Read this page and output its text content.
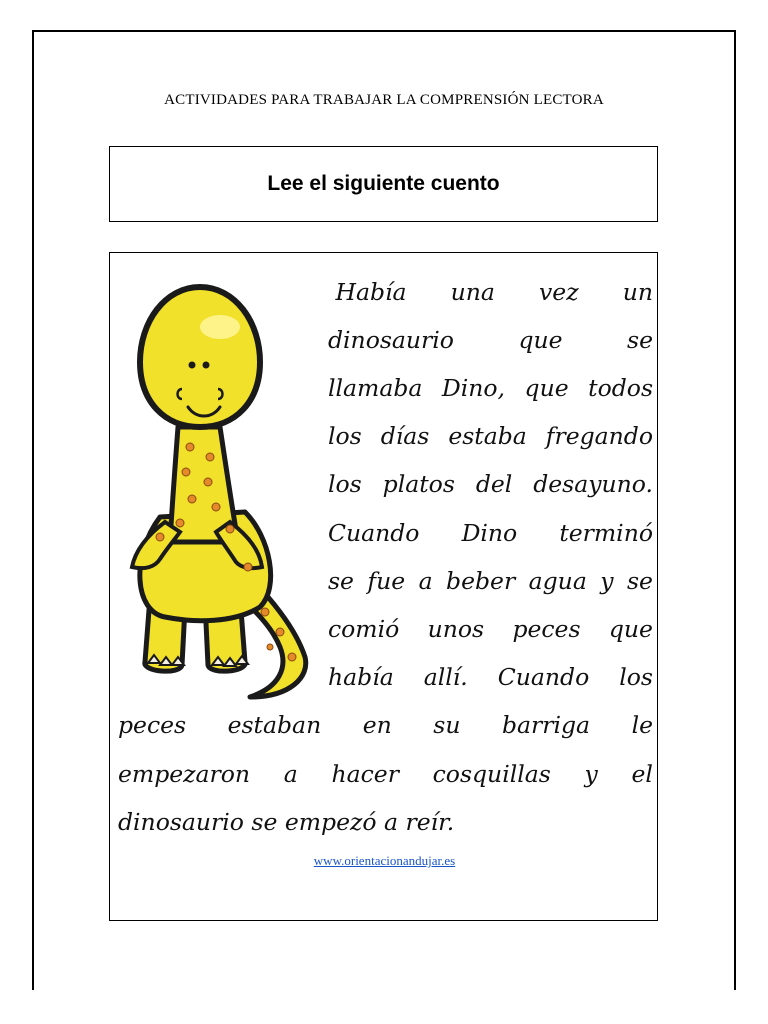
ACTIVIDADES PARA TRABAJAR LA COMPRENSIÓN LECTORA
Lee el siguiente cuento
Había una vez un
dinosaurio	que	se
llamaba Dino, que todos
los días estaba fregando
los platos del desayuno.
Cuando Dino terminó
se fue a beber agua y se
comió unos peces que
había allí. Cuando los
peces estaban en su barriga le
empezaron a hacer cosquillas y el
dinosaurio se empezó a reír.
www.orientacionandujar.es
